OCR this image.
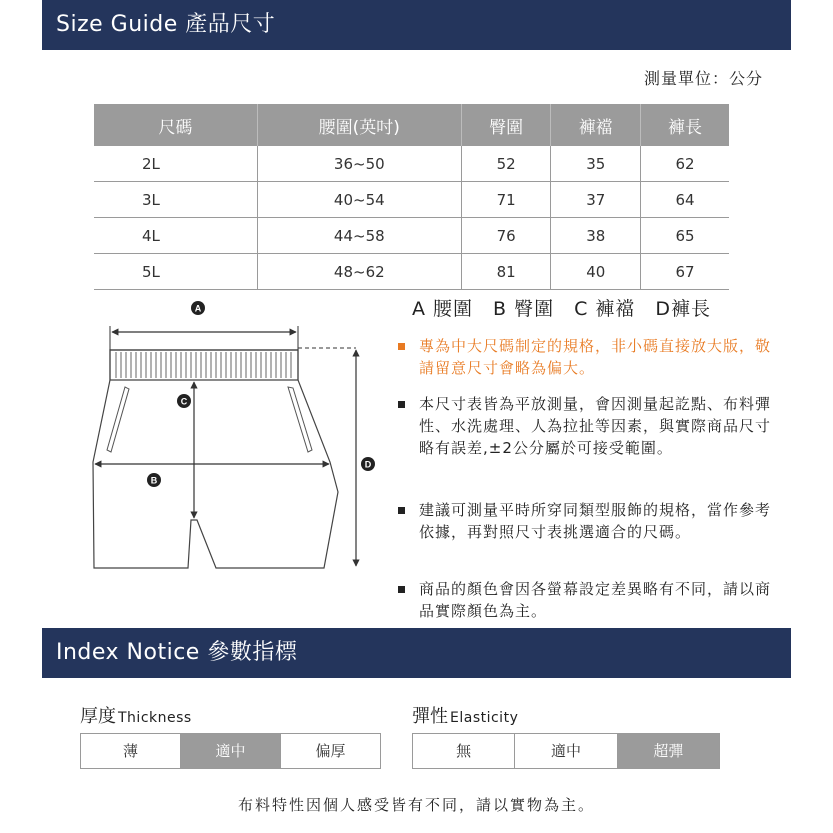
Size Guide 產品尺寸
測量單位：公分
尺碼	腰圍(英吋)	臀圍	褲襠	褲長
2L	36~50	52	35	62
3L	40~54	71	37	64
4L	44~58	76	38	65
5L	48~62	81	40	67
A
B
C
D
A 腰圍　B 臀圍　C 褲襠　D褲長
專為中大尺碼制定的規格，非小碼直接放大版，敬請留意尺寸會略為偏大。
本尺寸表皆為平放測量，會因測量起訖點、布料彈性、水洗處理、人為拉扯等因素，與實際商品尺寸略有誤差,±2公分屬於可接受範圍。
建議可測量平時所穿同類型服飾的規格，當作參考依據，再對照尺寸表挑選適合的尺碼。
商品的顏色會因各螢幕設定差異略有不同，請以商品實際顏色為主。
Index Notice 參數指標
厚度 Thickness
薄	適中	偏厚
彈性 Elasticity
無	適中	超彈
布料特性因個人感受皆有不同，請以實物為主。
